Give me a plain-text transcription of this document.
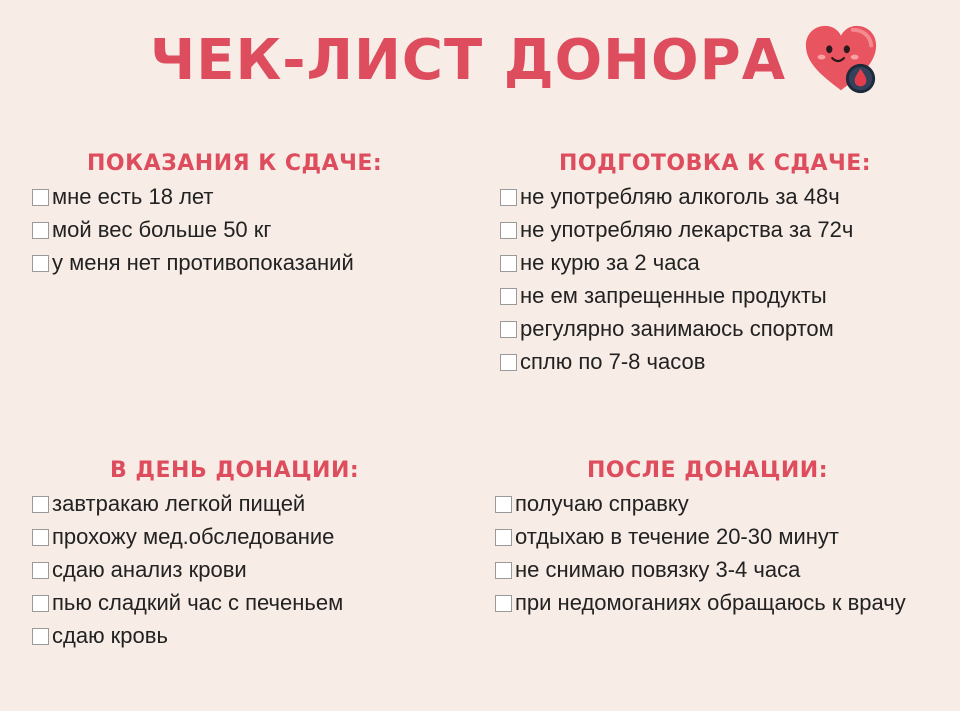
ЧЕК-ЛИСТ ДОНОРА
ПОКАЗАНИЯ К СДАЧЕ:
мне есть 18 лет
мой вес больше 50 кг
у меня нет противопоказаний
ПОДГОТОВКА К СДАЧЕ:
не употребляю алкоголь за 48ч
не употребляю лекарства за 72ч
не курю за 2 часа
не ем запрещенные продукты
регулярно занимаюсь спортом
сплю по 7-8 часов
В ДЕНЬ ДОНАЦИИ:
завтракаю легкой пищей
прохожу мед.обследование
сдаю анализ крови
пью сладкий час с печеньем
сдаю кровь
ПОСЛЕ ДОНАЦИИ:
получаю справку
отдыхаю в течение 20-30 минут
не снимаю повязку 3-4 часа
при недомоганиях обращаюсь к врачу
